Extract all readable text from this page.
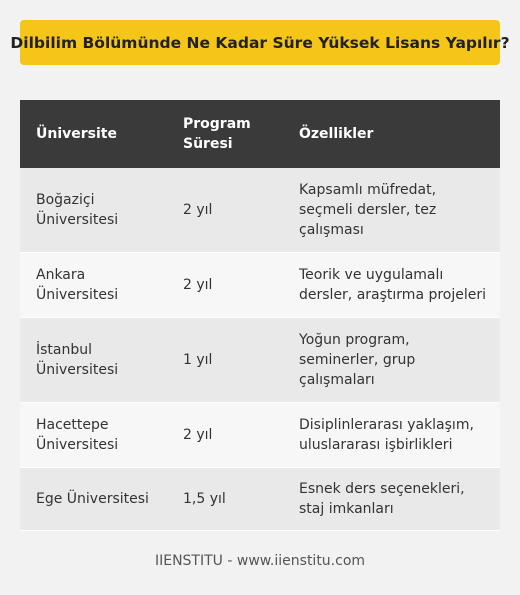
Dilbilim Bölümünde Ne Kadar Süre Yüksek Lisans Yapılır?
Üniversite	Program Süresi	Özellikler
Boğaziçi Üniversitesi	2 yıl	Kapsamlı müfredat, seçmeli dersler, tez çalışması
Ankara Üniversitesi	2 yıl	Teorik ve uygulamalı dersler, araştırma projeleri
İstanbul Üniversitesi	1 yıl	Yoğun program, seminerler, grup çalışmaları
Hacettepe Üniversitesi	2 yıl	Disiplinlerarası yaklaşım, uluslararası işbirlikleri
Ege Üniversitesi	1,5 yıl	Esnek ders seçenekleri, staj imkanları
IIENSTITU - www.iienstitu.com
